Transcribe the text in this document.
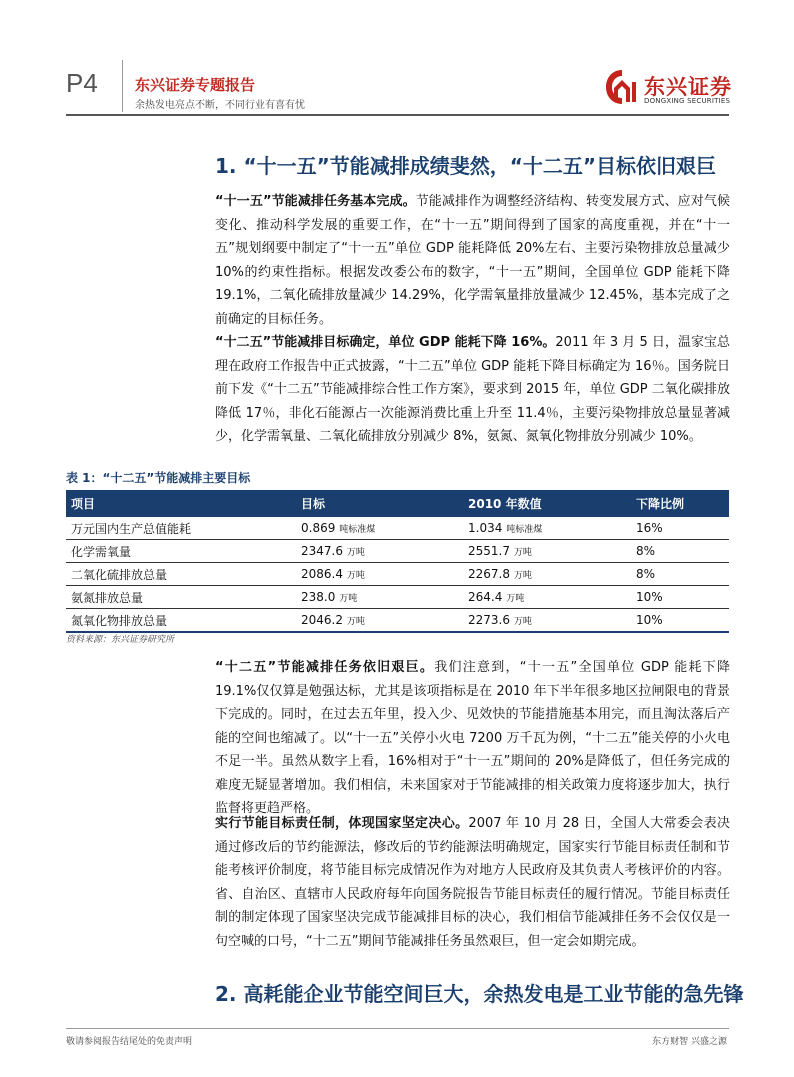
P4 东兴证券专题报告
余热发电亮点不断，不同行业有喜有忧
东兴证券
DONGXING SECURITIES
1. “十一五”节能减排成绩斐然，“十二五”目标依旧艰巨

“十一五”节能减排任务基本完成。节能减排作为调整经济结构、转变发展方式、应对气候变化、推动科学发展的重要工作，在“十一五”期间得到了国家的高度重视，并在“十一五”规划纲要中制定了“十一五”单位 GDP 能耗降低 20%左右、主要污染物排放总量减少 10%的约束性指标。根据发改委公布的数字，“十一五”期间，全国单位 GDP 能耗下降 19.1%，二氧化硫排放量减少 14.29%，化学需氧量排放量减少 12.45%，基本完成了之前确定的目标任务。

“十二五”节能减排目标确定，单位 GDP 能耗下降 16%。2011 年 3 月 5 日，温家宝总理在政府工作报告中正式披露，“十二五”单位 GDP 能耗下降目标确定为 16％。国务院日前下发《“十二五”节能减排综合性工作方案》，要求到 2015 年，单位 GDP 二氧化碳排放降低 17％，非化石能源占一次能源消费比重上升至 11.4％，主要污染物排放总量显著减少，化学需氧量、二氧化硫排放分别减少 8%，氨氮、氮氧化物排放分别减少 10%。

表 1：“十二五”节能减排主要目标
项目	目标	2010 年数值	下降比例
万元国内生产总值能耗	0.869 吨标准煤	1.034 吨标准煤	16%
化学需氧量	2347.6 万吨	2551.7 万吨	8%
二氧化硫排放总量	2086.4 万吨	2267.8 万吨	8%
氨氮排放总量	238.0 万吨	264.4 万吨	10%
氮氧化物排放总量	2046.2 万吨	2273.6 万吨	10%
资料来源：东兴证券研究所

“十二五”节能减排任务依旧艰巨。我们注意到，“十一五”全国单位 GDP 能耗下降 19.1%仅仅算是勉强达标，尤其是该项指标是在 2010 年下半年很多地区拉闸限电的背景下完成的。同时，在过去五年里，投入少、见效快的节能措施基本用完，而且淘汰落后产能的空间也缩减了。以“十一五”关停小火电 7200 万千瓦为例，“十二五”能关停的小火电不足一半。虽然从数字上看，16%相对于“十一五”期间的 20%是降低了，但任务完成的难度无疑显著增加。我们相信，未来国家对于节能减排的相关政策力度将逐步加大，执行监督将更趋严格。

实行节能目标责任制，体现国家坚定决心。2007 年 10 月 28 日，全国人大常委会表决通过修改后的节约能源法，修改后的节约能源法明确规定，国家实行节能目标责任制和节能考核评价制度，将节能目标完成情况作为对地方人民政府及其负责人考核评价的内容。省、自治区、直辖市人民政府每年向国务院报告节能目标责任的履行情况。节能目标责任制的制定体现了国家坚决完成节能减排目标的决心，我们相信节能减排任务不会仅仅是一句空喊的口号，“十二五”期间节能减排任务虽然艰巨，但一定会如期完成。

2. 高耗能企业节能空间巨大，余热发电是工业节能的急先锋
敬请参阅报告结尾处的免责声明	东方财智 兴盛之源
